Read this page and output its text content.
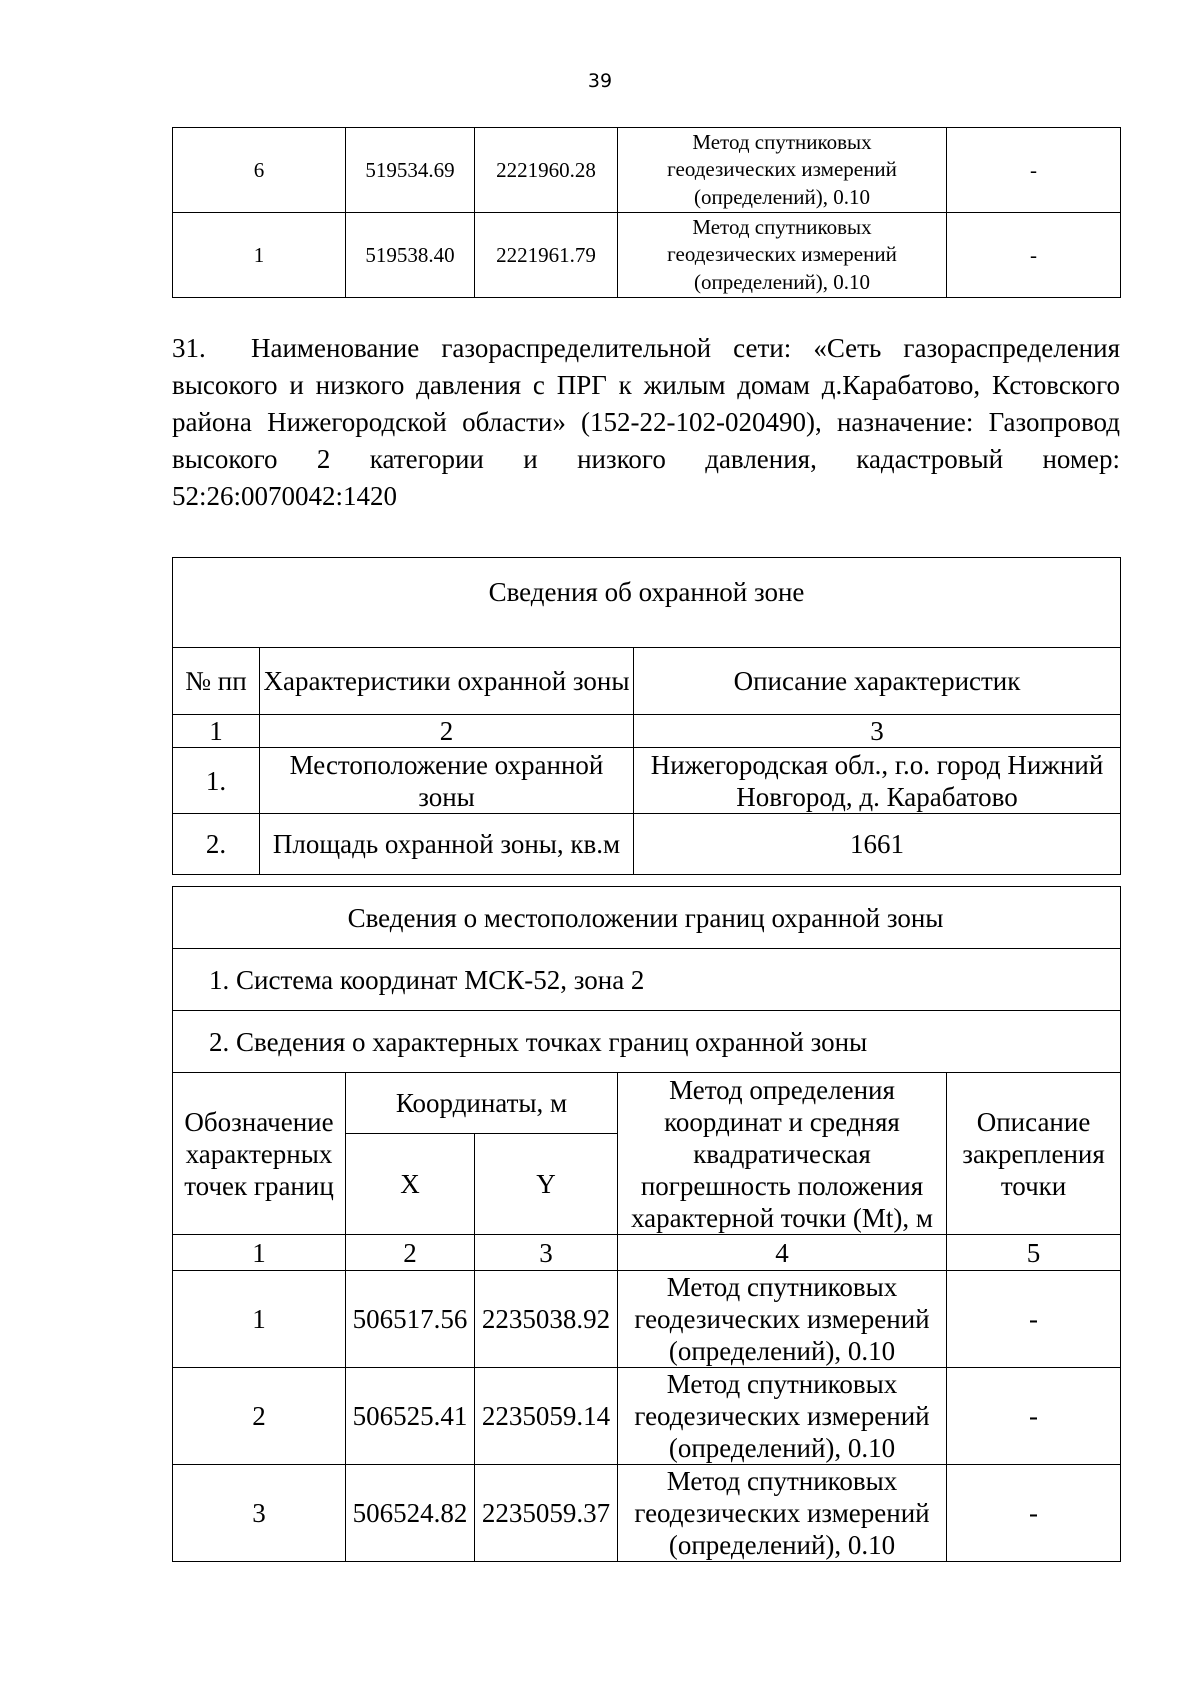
39
6	519534.69	2221960.28	Метод спутниковых
геодезических измерений
(определений), 0.10	-
1	519538.40	2221961.79	Метод спутниковых
геодезических измерений
(определений), 0.10	-
31. Наименование газораспределительной сети: «Сеть газораспределения высокого и низкого давления с ПРГ к жилым домам д.Карабатово, Кстовского района Нижегородской области» (152-22-102-020490), назначение: Газопровод высокого 2 категории и низкого давления, кадастровый номер: 52:26:0070042:1420
Сведения об охранной зоне		
№ пп	Характеристики охранной зоны	Описание характеристик
1	2	3
1.	Местоположение охранной зоны	Нижегородская обл., г.о. город Нижний Новгород, д. Карабатово
2.	Площадь охранной зоны, кв.м	1661
Сведения о местоположении границ охранной зоны				
1. Система координат МСК-52, зона 2				
2. Сведения о характерных точках границ охранной зоны				
Обозначение характерных точек границ	Координаты, м		Метод определения координат и средняя квадратическая погрешность положения характерной точки (Mt), м	Описание закрепления точки
	X	Y		
1	2	3	4	5
1	506517.56	2235038.92	Метод спутниковых
геодезических измерений
(определений), 0.10	-
2	506525.41	2235059.14	Метод спутниковых
геодезических измерений
(определений), 0.10	-
3	506524.82	2235059.37	Метод спутниковых
геодезических измерений
(определений), 0.10	-
